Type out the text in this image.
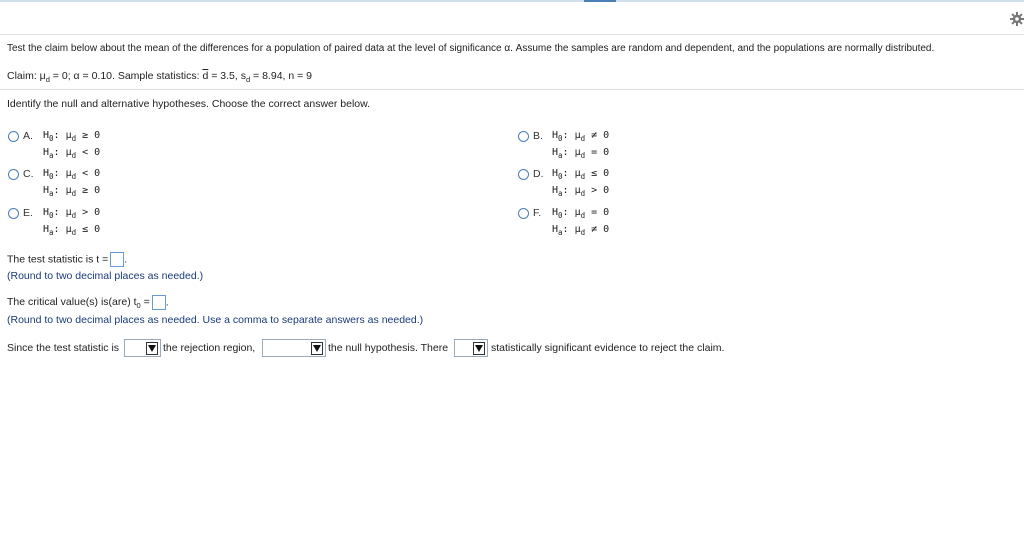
Test the claim below about the mean of the differences for a population of paired data at the level of significance α. Assume the samples are random and dependent, and the populations are normally distributed.
Claim: $\mu_d = 0$; α = 0.10. Sample statistics: $\overline{d} = 3.5$, $s_d = 8.94$, n = 9
Identify the null and alternative hypotheses. Choose the correct answer below.
A. $H_0$: $\mu_d \ge 0$
$H_a$: $\mu_d < 0$
B. $H_0$: $\mu_d \ne 0$
$H_a$: $\mu_d = 0$
C. $H_0$: $\mu_d < 0$
$H_a$: $\mu_d \ge 0$
D. $H_0$: $\mu_d \le 0$
$H_a$: $\mu_d > 0$
E. $H_0$: $\mu_d > 0$
$H_a$: $\mu_d \le 0$
F. $H_0$: $\mu_d = 0$
$H_a$: $\mu_d \ne 0$
The test statistic is t = .
(Round to two decimal places as needed.)
The critical value(s) is(are) $t_0$ = .
(Round to two decimal places as needed. Use a comma to separate answers as needed.)
Since the test statistic is	the rejection region,	the null hypothesis. There	statistically significant evidence to reject the claim.
